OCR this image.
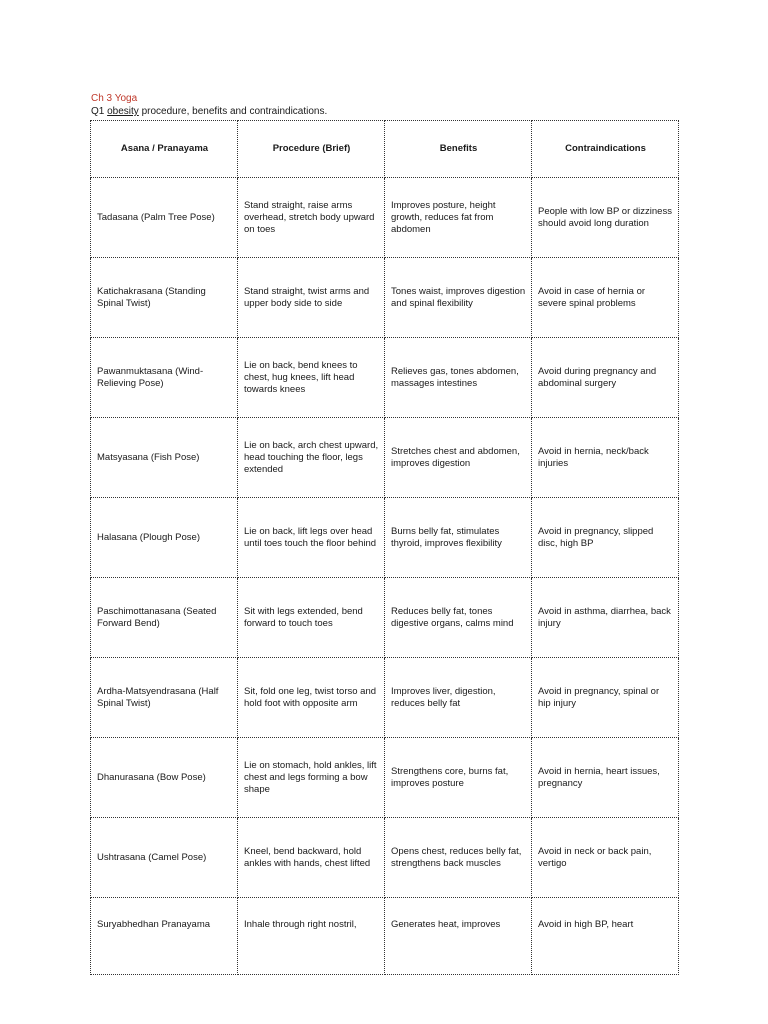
Ch 3 Yoga
Q1 obesity procedure, benefits and contraindications.
Asana / Pranayama	Procedure (Brief)	Benefits	Contraindications
Tadasana (Palm Tree Pose)	Stand straight, raise arms overhead, stretch body upward on toes	Improves posture, height growth, reduces fat from abdomen	People with low BP or dizziness should avoid long duration
Katichakrasana (Standing Spinal Twist)	Stand straight, twist arms and upper body side to side	Tones waist, improves digestion and spinal flexibility	Avoid in case of hernia or severe spinal problems
Pawanmuktasana (Wind-Relieving Pose)	Lie on back, bend knees to chest, hug knees, lift head towards knees	Relieves gas, tones abdomen, massages intestines	Avoid during pregnancy and abdominal surgery
Matsyasana (Fish Pose)	Lie on back, arch chest upward, head touching the floor, legs extended	Stretches chest and abdomen, improves digestion	Avoid in hernia, neck/back injuries
Halasana (Plough Pose)	Lie on back, lift legs over head until toes touch the floor behind	Burns belly fat, stimulates thyroid, improves flexibility	Avoid in pregnancy, slipped disc, high BP
Paschimottanasana (Seated Forward Bend)	Sit with legs extended, bend forward to touch toes	Reduces belly fat, tones digestive organs, calms mind	Avoid in asthma, diarrhea, back injury
Ardha-Matsyendrasana (Half Spinal Twist)	Sit, fold one leg, twist torso and hold foot with opposite arm	Improves liver, digestion, reduces belly fat	Avoid in pregnancy, spinal or hip injury
Dhanurasana (Bow Pose)	Lie on stomach, hold ankles, lift chest and legs forming a bow shape	Strengthens core, burns fat, improves posture	Avoid in hernia, heart issues, pregnancy
Ushtrasana (Camel Pose)	Kneel, bend backward, hold ankles with hands, chest lifted	Opens chest, reduces belly fat, strengthens back muscles	Avoid in neck or back pain, vertigo
Suryabhedhan Pranayama	Inhale through right nostril,	Generates heat, improves	Avoid in high BP, heart
